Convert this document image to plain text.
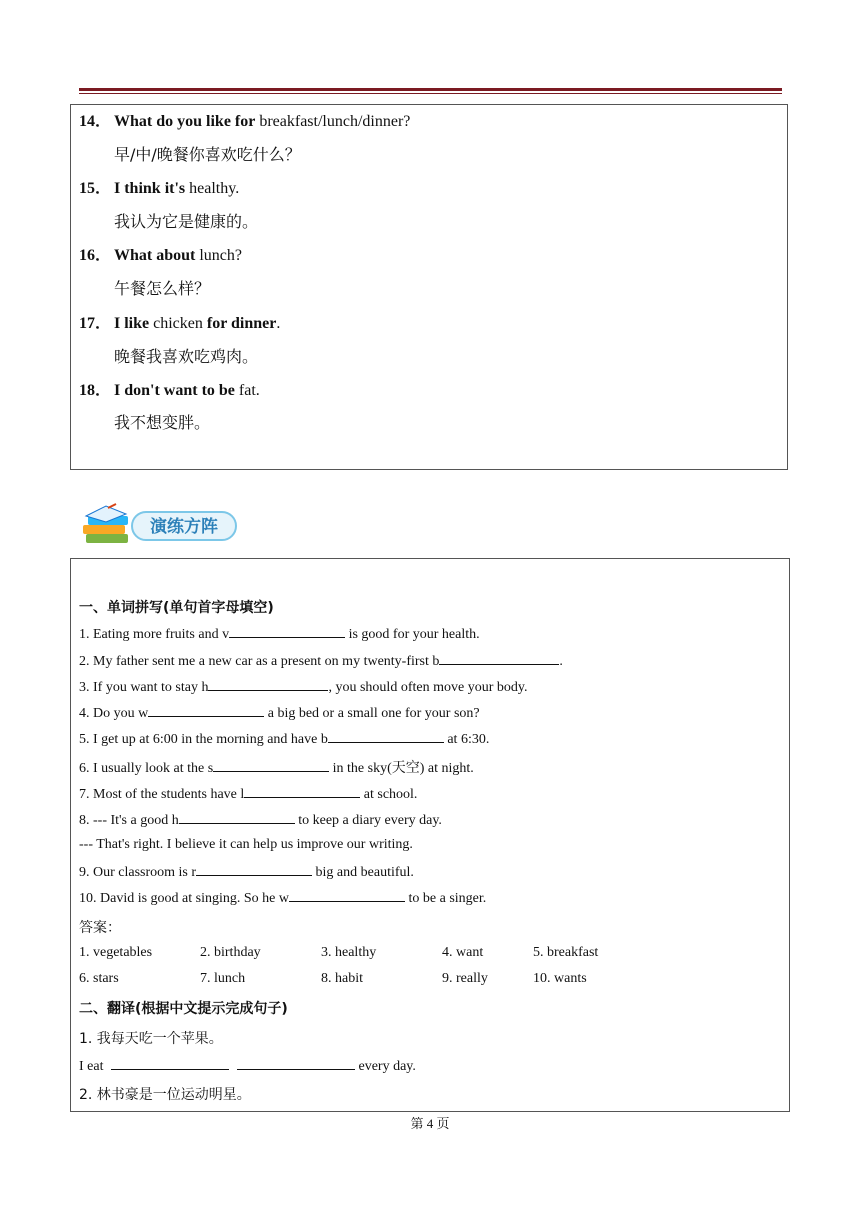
14． What do you like for breakfast/lunch/dinner?
早/中/晚餐你喜欢吃什么？
15． I think it's healthy.
我认为它是健康的。
16． What about lunch?
午餐怎么样？
17． I like chicken for dinner.
晚餐我喜欢吃鸡肉。
18． I don't want to be fat.
我不想变胖。
演练方阵
一、单词拼写(单句首字母填空)
1. Eating more fruits and v	is good for your health.
2. My father sent me a new car as a present on my twenty-first b	.
3. If you want to stay h	, you should often move your body.
4. Do you w	a big bed or a small one for your son?
5. I get up at 6:00 in the morning and have b	at 6:30.
6. I usually look at the s	in the sky(天空) at night.
7. Most of the students have l	at school.
8. --- It's a good h	to keep a diary every day.
--- That's right. I believe it can help us improve our writing.
9. Our classroom is r	big and beautiful.
10. David is good at singing. So he w	to be a singer.
答案：
1. vegetables	2. birthday	3. healthy	4. want	5. breakfast
6. stars	7. lunch	8. habit	9. really	10. wants
二、翻译(根据中文提示完成句子)
1. 我每天吃一个苹果。
I eat	every day.
2. 林书豪是一位运动明星。
第 4 页
